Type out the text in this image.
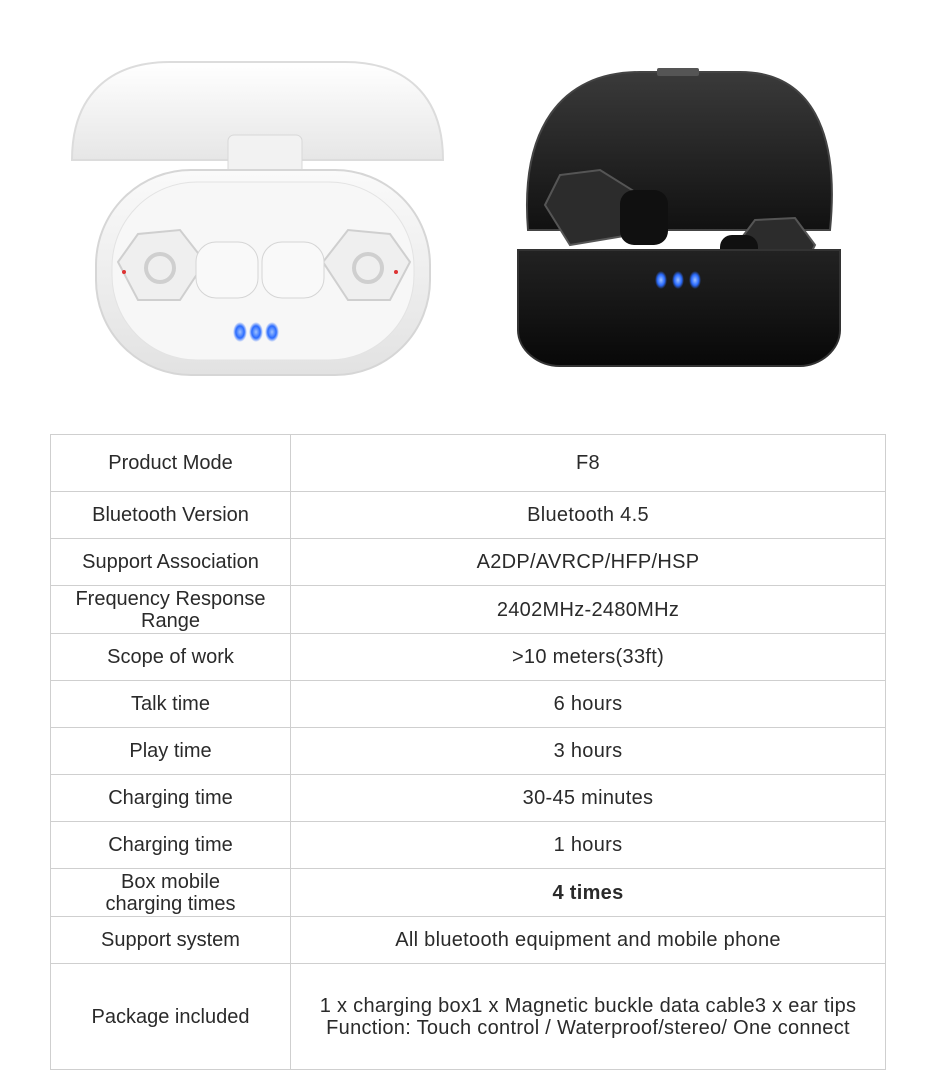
Product Mode	F8

Bluetooth Version	Bluetooth 4.5

Support Association	A2DP/AVRCP/HFP/HSP

Frequency Response
Range	2402MHz-2480MHz

Scope of work	>10 meters(33ft)

Talk time	6 hours

Play time	3 hours

Charging time	30-45 minutes

Charging time	1 hours

Box mobile
charging times	4 times

Support system	All bluetooth equipment and mobile phone

Package included	1 x charging box1 x Magnetic buckle data cable3 x ear tips
Function: Touch control / Waterproof/stereo/ One connect
